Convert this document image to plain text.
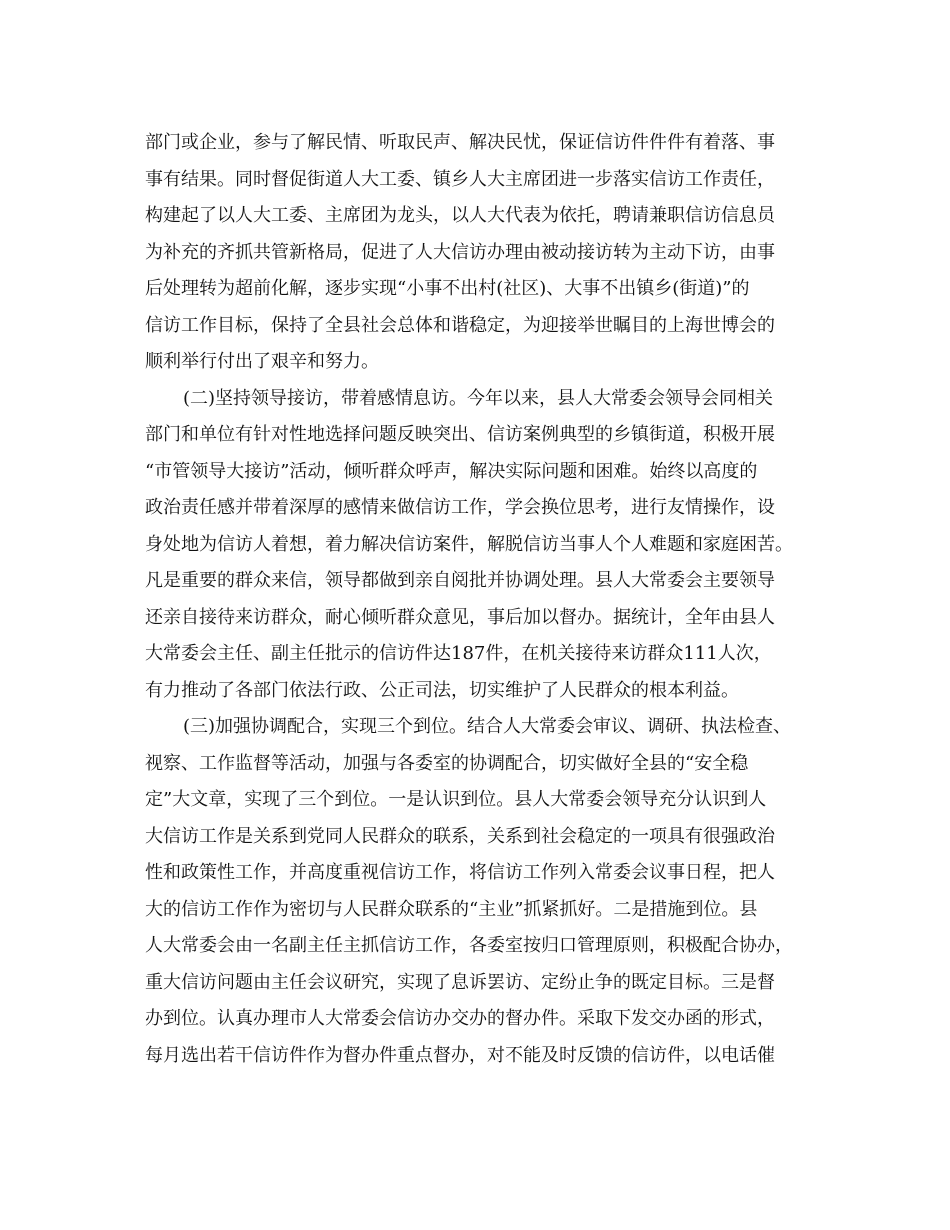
部门或企业，参与了解民情、听取民声、解决民忧，保证信访件件件有着落、事
事有结果。同时督促街道人大工委、镇乡人大主席团进一步落实信访工作责任，
构建起了以人大工委、主席团为龙头，以人大代表为依托，聘请兼职信访信息员
为补充的齐抓共管新格局，促进了人大信访办理由被动接访转为主动下访，由事
后处理转为超前化解，逐步实现“小事不出村(社区)、大事不出镇乡(街道)”的
信访工作目标，保持了全县社会总体和谐稳定，为迎接举世瞩目的上海世博会的
顺利举行付出了艰辛和努力。
(二)坚持领导接访，带着感情息访。今年以来，县人大常委会领导会同相关
部门和单位有针对性地选择问题反映突出、信访案例典型的乡镇街道，积极开展
“市管领导大接访”活动，倾听群众呼声，解决实际问题和困难。始终以高度的
政治责任感并带着深厚的感情来做信访工作，学会换位思考，进行友情操作，设
身处地为信访人着想，着力解决信访案件，解脱信访当事人个人难题和家庭困苦。
凡是重要的群众来信，领导都做到亲自阅批并协调处理。县人大常委会主要领导
还亲自接待来访群众，耐心倾听群众意见，事后加以督办。据统计，全年由县人
大常委会主任、副主任批示的信访件达187件，在机关接待来访群众111人次，
有力推动了各部门依法行政、公正司法，切实维护了人民群众的根本利益。
(三)加强协调配合，实现三个到位。结合人大常委会审议、调研、执法检查、
视察、工作监督等活动，加强与各委室的协调配合，切实做好全县的“安全稳
定”大文章，实现了三个到位。一是认识到位。县人大常委会领导充分认识到人
大信访工作是关系到党同人民群众的联系，关系到社会稳定的一项具有很强政治
性和政策性工作，并高度重视信访工作，将信访工作列入常委会议事日程，把人
大的信访工作作为密切与人民群众联系的“主业”抓紧抓好。二是措施到位。县
人大常委会由一名副主任主抓信访工作，各委室按归口管理原则，积极配合协办，
重大信访问题由主任会议研究，实现了息诉罢访、定纷止争的既定目标。三是督
办到位。认真办理市人大常委会信访办交办的督办件。采取下发交办函的形式，
每月选出若干信访件作为督办件重点督办，对不能及时反馈的信访件，以电话催
